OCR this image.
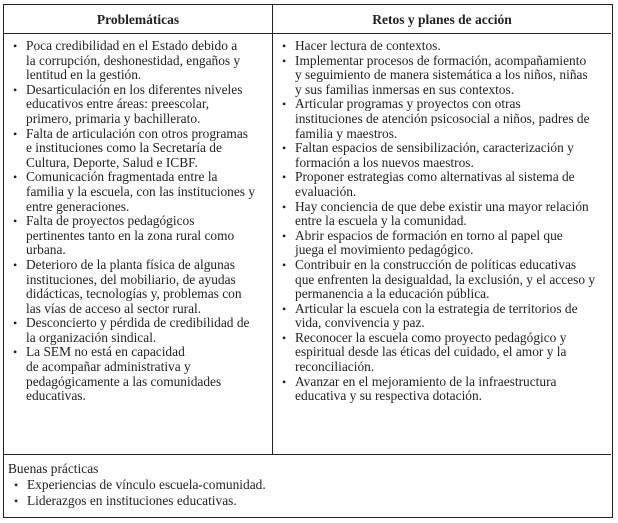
Problemáticas	Retos y planes de acción
• Poca credibilidad en el Estado debido a
la corrupción, deshonestidad, engaños y
lentitud en la gestión.
• Desarticulación en los diferentes niveles
educativos entre áreas: preescolar,
primero, primaria y bachillerato.
• Falta de articulación con otros programas
e instituciones como la Secretaría de
Cultura, Deporte, Salud e ICBF.
• Comunicación fragmentada entre la
familia y la escuela, con las instituciones y
entre generaciones.
• Falta de proyectos pedagógicos
pertinentes tanto en la zona rural como
urbana.
• Deterioro de la planta física de algunas
instituciones, del mobiliario, de ayudas
didácticas, tecnologías y, problemas con
las vías de acceso al sector rural.
• Desconcierto y pérdida de credibilidad de
la organización sindical.
• La SEM no está en capacidad
de acompañar administrativa y
pedagógicamente a las comunidades
educativas.
• Hacer lectura de contextos.
• Implementar procesos de formación, acompañamiento
y seguimiento de manera sistemática a los niños, niñas
y sus familias inmersas en sus contextos.
• Articular programas y proyectos con otras
instituciones de atención psicosocial a niños, padres de
familia y maestros.
• Faltan espacios de sensibilización, caracterización y
formación a los nuevos maestros.
• Proponer estrategias como alternativas al sistema de
evaluación.
• Hay conciencia de que debe existir una mayor relación
entre la escuela y la comunidad.
• Abrir espacios de formación en torno al papel que
juega el movimiento pedagógico.
• Contribuir en la construcción de políticas educativas
que enfrenten la desigualdad, la exclusión, y el acceso y
permanencia a la educación pública.
• Articular la escuela con la estrategia de territorios de
vida, convivencia y paz.
• Reconocer la escuela como proyecto pedagógico y
espiritual desde las éticas del cuidado, el amor y la
reconciliación.
• Avanzar en el mejoramiento de la infraestructura
educativa y su respectiva dotación.
Buenas prácticas
• Experiencias de vínculo escuela-comunidad.
• Liderazgos en instituciones educativas.
